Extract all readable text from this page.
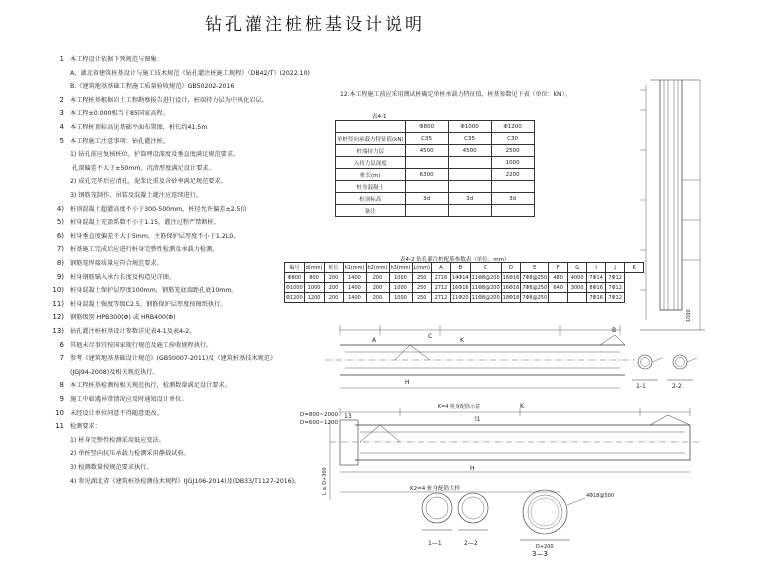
钻孔灌注桩桩基设计说明
1 本工程设计依据下列规范与图集：
A、湖北省建筑桩基设计与施工技术规范《钻孔灌注桩施工规程》（DB42/T）(2022.10)
B.《建筑地基基础工程施工质量验收规范》GB50202-2016
2 本工程桩基根据岩土工程勘察报告进行设计，桩端持力层为中风化岩层。
3 本工程±0.000相当于85国家高程。
4 本工程桩顶标高见基础平面布置图，桩长约41.5m
5 本工程施工注意事项：钻孔灌注桩。
1) 钻孔前应复核桩位，护筒埋设深度及垂直度满足规范要求。
孔深偏差不大于±50mm，沉渣厚度满足设计要求。
2) 成孔完毕后应清孔，泥浆比重及含砂率满足规范要求。
3) 钢筋笼制作、吊装及混凝土灌注应连续进行。
4) 桩顶混凝土超灌高度不小于300-500mm，桩径允许偏差±2.5倍
5) 桩身混凝土充盈系数不小于1.15，灌注过程严禁断桩。
6) 桩身垂直度偏差不大于5mm，主筋保护层厚度不小于1.2L0。
7) 桩基施工完成后应进行桩身完整性检测及承载力检测。
8) 钢筋笼焊接质量应符合规范要求。
9) 桩身钢筋锚入承台长度及构造见详图。
10) 桩身混凝土保护层厚度100mm，钢筋笼底端距孔底10mm。
11) 桩身混凝土强度等级C2.5，钢筋保护层厚度按图纸执行。
12) 钢筋级别 HPB300(Φ) 或 HRB400(Φ)
13) 钻孔灌注桩桩基设计参数详见表4-1及表4-2。
6 其他未尽事宜按国家现行规范及施工验收规程执行。
7 参考《建筑地基基础设计规范》(GB50007-2011)及《建筑桩基技术规范》
(JGJ94-2008)及相关规范执行。
8 本工程桩基检测按相关规范执行，检测数量满足设计要求。
9 施工中如遇异常情况应及时通知设计单位。
10 未经设计单位同意不得随意更改。
11 检测要求：
1) 桩身完整性检测采用低应变法。
2) 单桩竖向抗压承载力检测采用静载试验。
3) 检测数量按规范要求执行。
4) 参见湖北省《建筑桩基检测技术规程》(JGJ106-2014)及(DB33/T1127-2016)。
12.本工程施工前应采用测试桩确定单桩承载力特征值，桩基参数见下表（单位：kN）。
表4-1
	Φ800	Φ1000	Φ1200
单桩竖向承载力特征值(kN)	C35	C35	C30
桩端持力层	4500	4500	2500
入持力层深度			1000
桩长(m)	6300		2200
桩身混凝土			
桩顶标高	3d	3d	3d
备注			
表4-2 钻孔灌注桩配筋参数表（单位：mm）
编号	d(mm)	桩长	h1(mm)	h2(mm)	h3(mm)	L(mm)	A	B	C	D	E	F	G	I	J	K
Φ800	800	200	1400	200	1000	250	2716	14Φ14	11Φ8@200	16Φ16	7Φ8@250	480	4000	7Φ14	7Φ12	
Φ1000	1000	200	1400	200	1000	250	2712	16Φ16	11Φ8@200	16Φ16	7Φ8@250	640	3000	8Φ16	7Φ12	
Φ1200	1200	200	1400	200	1000	250	2712	11Φ20	11Φ8@200	18Φ18	7Φ8@250			7Φ16	7Φ12	
1000
A
C
K
B
H
1-1	2-2
D=800~2000
D=600~1200
13	l1
K
H
K=4 桩身配筋示意
K2=4 桩身配筋大样
L ≥ D+300
1—1	2—2
3—3
4Φ18@500
D+200
